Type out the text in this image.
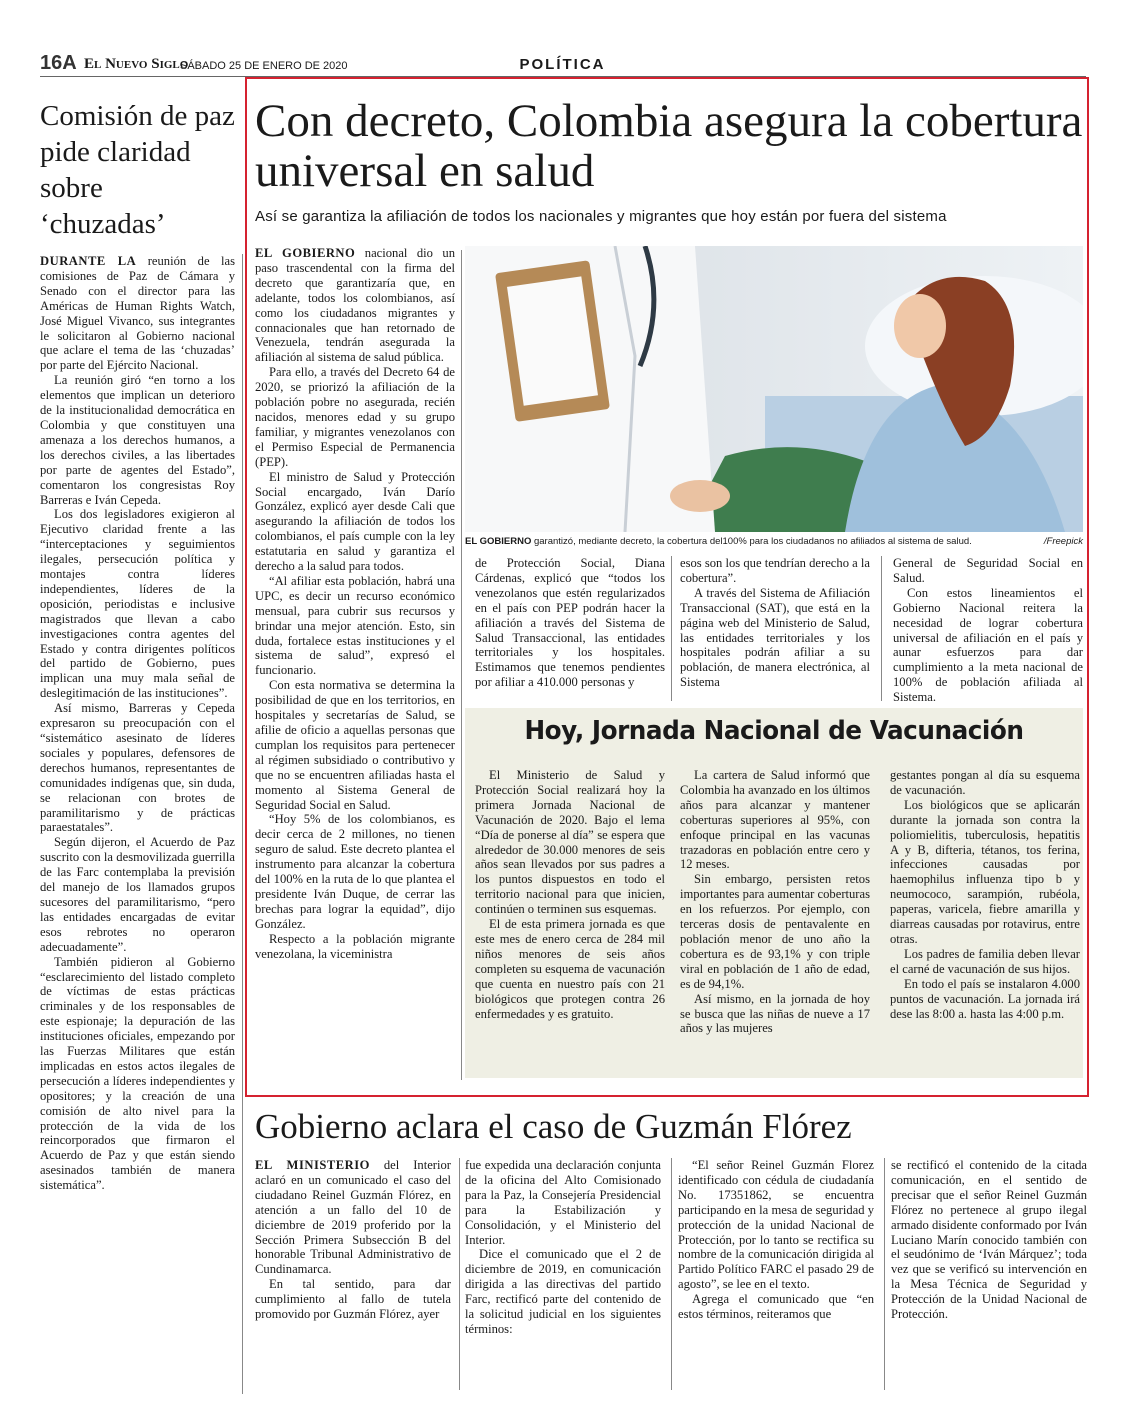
16A El Nuevo Siglo
SÁBADO 25 DE ENERO DE 2020	POLÍTICA
Comisión de paz pide claridad sobre ‘chuzadas’

DURANTE LA reunión de las comisiones de Paz de Cámara y Senado con el director para las Américas de Human Rights Watch, José Miguel Vivanco, sus integrantes le solicitaron al Gobierno nacional que aclare el tema de las ‘chuzadas’ por parte del Ejército Nacional.

La reunión giró “en torno a los elementos que implican un deterioro de la institucionalidad democrática en Colombia y que constituyen una amenaza a los derechos humanos, a los derechos civiles, a las libertades por parte de agentes del Estado”, comentaron los congresistas Roy Barreras e Iván Cepeda.

Los dos legisladores exigieron al Ejecutivo claridad frente a las “interceptaciones y seguimientos ilegales, persecución política y montajes contra líderes independientes, líderes de la oposición, periodistas e inclusive magistrados que llevan a cabo investigaciones contra agentes del Estado y contra dirigentes políticos del partido de Gobierno, pues implican una muy mala señal de deslegitimación de las instituciones”.

Así mismo, Barreras y Cepeda expresaron su preocupación con el “sistemático asesinato de líderes sociales y populares, defensores de derechos humanos, representantes de comunidades indígenas que, sin duda, se relacionan con brotes de paramilitarismo y de prácticas paraestatales”.

Según dijeron, el Acuerdo de Paz suscrito con la desmovilizada guerrilla de las Farc contemplaba la previsión del manejo de los llamados grupos sucesores del paramilitarismo, “pero las entidades encargadas de evitar esos rebrotes no operaron adecuadamente”.

También pidieron al Gobierno “esclarecimiento del listado completo de víctimas de estas prácticas criminales y de los responsables de este espionaje; la depuración de las instituciones oficiales, empezando por las Fuerzas Militares que están implicadas en estos actos ilegales de persecución a líderes independientes y opositores; y la creación de una comisión de alto nivel para la protección de la vida de los reincorporados que firmaron el Acuerdo de Paz y que están siendo asesinados también de manera sistemática”.

Con decreto, Colombia asegura la cobertura universal en salud
Así se garantiza la afiliación de todos los nacionales y migrantes que hoy están por fuera del sistema

EL GOBIERNO nacional dio un paso trascendental con la firma del decreto que garantizaría que, en adelante, todos los colombianos, así como los ciudadanos migrantes y connacionales que han retornado de Venezuela, tendrán asegurada la afiliación al sistema de salud pública.

Para ello, a través del Decreto 64 de 2020, se priorizó la afiliación de la población pobre no asegurada, recién nacidos, menores edad y su grupo familiar, y migrantes venezolanos con el Permiso Especial de Permanencia (PEP).

El ministro de Salud y Protección Social encargado, Iván Darío González, explicó ayer desde Cali que asegurando la afiliación de todos los colombianos, el país cumple con la ley estatutaria en salud y garantiza el derecho a la salud para todos.

“Al afiliar esta población, habrá una UPC, es decir un recurso económico mensual, para cubrir sus recursos y brindar una mejor atención. Esto, sin duda, fortalece estas instituciones y el sistema de salud”, expresó el funcionario.

Con esta normativa se determina la posibilidad de que en los territorios, en hospitales y secretarías de Salud, se afilie de oficio a aquellas personas que cumplan los requisitos para pertenecer al régimen subsidiado o contributivo y que no se encuentren afiliadas hasta el momento al Sistema General de Seguridad Social en Salud.

“Hoy 5% de los colombianos, es decir cerca de 2 millones, no tienen seguro de salud. Este decreto plantea el instrumento para alcanzar la cobertura del 100% en la ruta de lo que plantea el presidente Iván Duque, de cerrar las brechas para lograr la equidad”, dijo González.

Respecto a la población migrante venezolana, la viceministra

EL GOBIERNO garantizó, mediante decreto, la cobertura del100% para los ciudadanos no afiliados al sistema de salud.	/Freepick

de Protección Social, Diana Cárdenas, explicó que “todos los venezolanos que estén regularizados en el país con PEP podrán hacer la afiliación a través del Sistema de Salud Transaccional, las entidades territoriales y los hospitales. Estimamos que tenemos pendientes por afiliar a 410.000 personas y

esos son los que tendrían derecho a la cobertura”.

A través del Sistema de Afiliación Transaccional (SAT), que está en la página web del Ministerio de Salud, las entidades territoriales y los hospitales podrán afiliar a su población, de manera electrónica, al Sistema

General de Seguridad Social en Salud.

Con estos lineamientos el Gobierno Nacional reitera la necesidad de lograr cobertura universal de afiliación en el país y aunar esfuerzos para dar cumplimiento a la meta nacional de 100% de población afiliada al Sistema.

Hoy, Jornada Nacional de Vacunación

El Ministerio de Salud y Protección Social realizará hoy la primera Jornada Nacional de Vacunación de 2020. Bajo el lema “Día de ponerse al día” se espera que alrededor de 30.000 menores de seis años sean llevados por sus padres a los puntos dispuestos en todo el territorio nacional para que inicien, continúen o terminen sus esquemas.

El de esta primera jornada es que este mes de enero cerca de 284 mil niños menores de seis años completen su esquema de vacunación que cuenta en nuestro país con 21 biológicos que protegen contra 26 enfermedades y es gratuito.

La cartera de Salud informó que Colombia ha avanzado en los últimos años para alcanzar y mantener coberturas superiores al 95%, con enfoque principal en las vacunas trazadoras en población entre cero y 12 meses.

Sin embargo, persisten retos importantes para aumentar coberturas en los refuerzos. Por ejemplo, con terceras dosis de pentavalente en población menor de uno año la cobertura es de 93,1% y con triple viral en población de 1 año de edad, es de 94,1%.

Así mismo, en la jornada de hoy se busca que las niñas de nueve a 17 años y las mujeres

gestantes pongan al día su esquema de vacunación.

Los biológicos que se aplicarán durante la jornada son contra la poliomielitis, tuberculosis, hepatitis A y B, difteria, tétanos, tos ferina, infecciones causadas por haemophilus influenza tipo b y neumococo, sarampión, rubéola, paperas, varicela, fiebre amarilla y diarreas causadas por rotavirus, entre otras.

Los padres de familia deben llevar el carné de vacunación de sus hijos.

En todo el país se instalaron 4.000 puntos de vacunación. La jornada irá dese las 8:00 a. hasta las 4:00 p.m.

Gobierno aclara el caso de Guzmán Flórez

EL MINISTERIO del Interior aclaró en un comunicado el caso del ciudadano Reinel Guzmán Flórez, en atención a un fallo del 10 de diciembre de 2019 proferido por la Sección Primera Subsección B del honorable Tribunal Administrativo de Cundinamarca.

En tal sentido, para dar cumplimiento al fallo de tutela promovido por Guzmán Flórez, ayer

fue expedida una declaración conjunta de la oficina del Alto Comisionado para la Paz, la Consejería Presidencial para la Estabilización y Consolidación, y el Ministerio del Interior.

Dice el comunicado que el 2 de diciembre de 2019, en comunicación dirigida a las directivas del partido Farc, rectificó parte del contenido de la solicitud judicial en los siguientes términos:

“El señor Reinel Guzmán Florez identificado con cédula de ciudadanía No. 17351862, se encuentra participando en la mesa de seguridad y protección de la unidad Nacional de Protección, por lo tanto se rectifica su nombre de la comunicación dirigida al Partido Político FARC el pasado 29 de agosto”, se lee en el texto.

Agrega el comunicado que “en estos términos, reiteramos que

se rectificó el contenido de la citada comunicación, en el sentido de precisar que el señor Reinel Guzmán Flórez no pertenece al grupo ilegal armado disidente conformado por Iván Luciano Marín conocido también con el seudónimo de ‘Iván Márquez’; toda vez que se verificó su intervención en la Mesa Técnica de Seguridad y Protección de la Unidad Nacional de Protección.
